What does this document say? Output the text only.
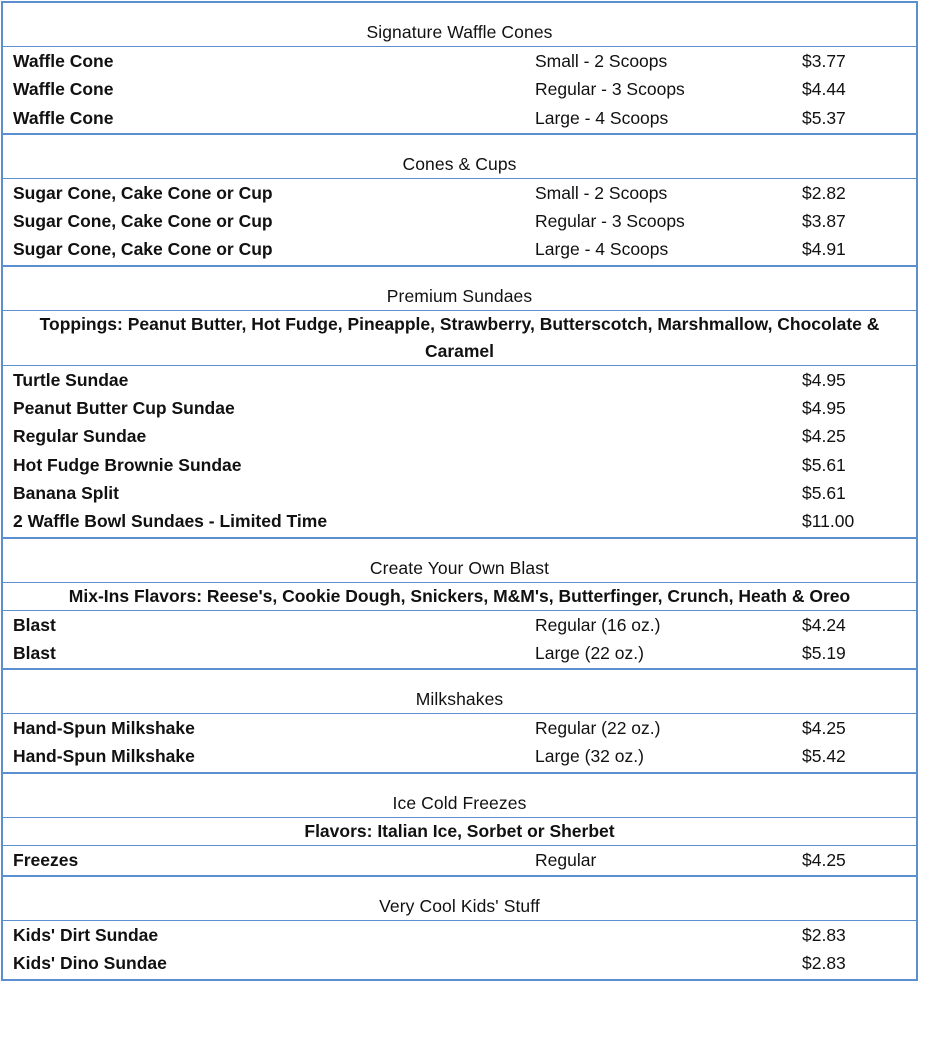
Signature Waffle Cones
Waffle Cone	Small - 2 Scoops	$3.77
Waffle Cone	Regular - 3 Scoops	$4.44
Waffle Cone	Large - 4 Scoops	$5.37
Cones & Cups
Sugar Cone, Cake Cone or Cup	Small - 2 Scoops	$2.82
Sugar Cone, Cake Cone or Cup	Regular - 3 Scoops	$3.87
Sugar Cone, Cake Cone or Cup	Large - 4 Scoops	$4.91
Premium Sundaes
Toppings: Peanut Butter, Hot Fudge, Pineapple, Strawberry, Butterscotch, Marshmallow, Chocolate & Caramel
Turtle Sundae	$4.95
Peanut Butter Cup Sundae	$4.95
Regular Sundae	$4.25
Hot Fudge Brownie Sundae	$5.61
Banana Split	$5.61
2 Waffle Bowl Sundaes - Limited Time	$11.00
Create Your Own Blast
Mix-Ins Flavors: Reese's, Cookie Dough, Snickers, M&M's, Butterfinger, Crunch, Heath & Oreo
Blast	Regular (16 oz.)	$4.24
Blast	Large (22 oz.)	$5.19
Milkshakes
Hand-Spun Milkshake	Regular (22 oz.)	$4.25
Hand-Spun Milkshake	Large (32 oz.)	$5.42
Ice Cold Freezes
Flavors: Italian Ice, Sorbet or Sherbet
Freezes	Regular	$4.25
Very Cool Kids' Stuff
Kids' Dirt Sundae	$2.83
Kids' Dino Sundae	$2.83
